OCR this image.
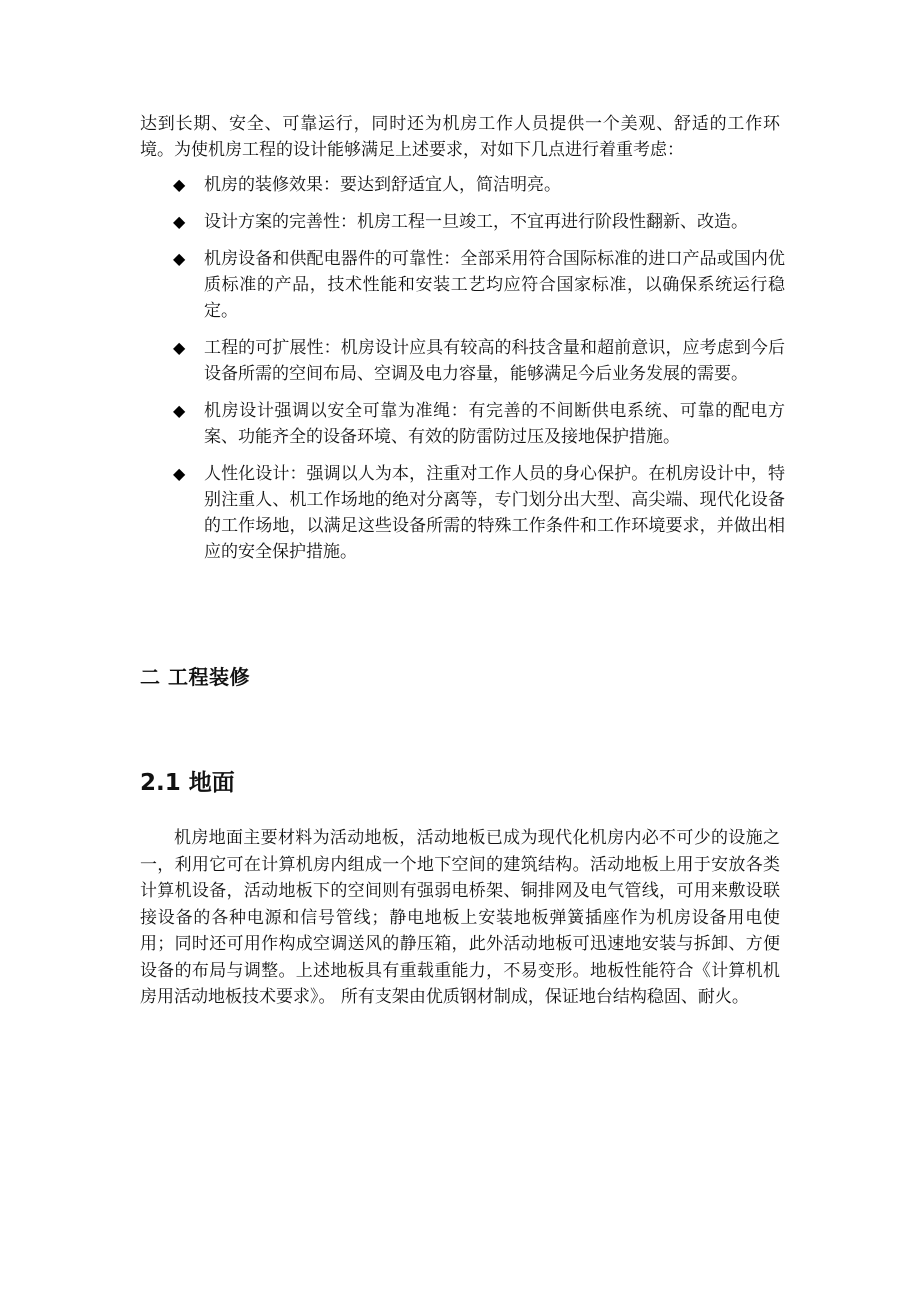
达到长期、安全、可靠运行，同时还为机房工作人员提供一个美观、舒适的工作环境。为使机房工程的设计能够满足上述要求，对如下几点进行着重考虑：

◆ 机房的装修效果：要达到舒适宜人，简洁明亮。
◆ 设计方案的完善性：机房工程一旦竣工，不宜再进行阶段性翻新、改造。
◆ 机房设备和供配电器件的可靠性：全部采用符合国际标准的进口产品或国内优质标准的产品，技术性能和安装工艺均应符合国家标准，以确保系统运行稳定。
◆ 工程的可扩展性：机房设计应具有较高的科技含量和超前意识，应考虑到今后设备所需的空间布局、空调及电力容量，能够满足今后业务发展的需要。
◆ 机房设计强调以安全可靠为准绳：有完善的不间断供电系统、可靠的配电方案、功能齐全的设备环境、有效的防雷防过压及接地保护措施。
◆ 人性化设计：强调以人为本，注重对工作人员的身心保护。在机房设计中，特别注重人、机工作场地的绝对分离等，专门划分出大型、高尖端、现代化设备的工作场地，以满足这些设备所需的特殊工作条件和工作环境要求，并做出相应的安全保护措施。
二 工程装修
2.1 地面

机房地面主要材料为活动地板，活动地板已成为现代化机房内必不可少的设施之一，利用它可在计算机房内组成一个地下空间的建筑结构。活动地板上用于安放各类计算机设备，活动地板下的空间则有强弱电桥架、铜排网及电气管线，可用来敷设联接设备的各种电源和信号管线；静电地板上安装地板弹簧插座作为机房设备用电使用；同时还可用作构成空调送风的静压箱，此外活动地板可迅速地安装与拆卸、方便设备的布局与调整。上述地板具有重载重能力，不易变形。地板性能符合《计算机机房用活动地板技术要求》。 所有支架由优质钢材制成，保证地台结构稳固、耐火。
